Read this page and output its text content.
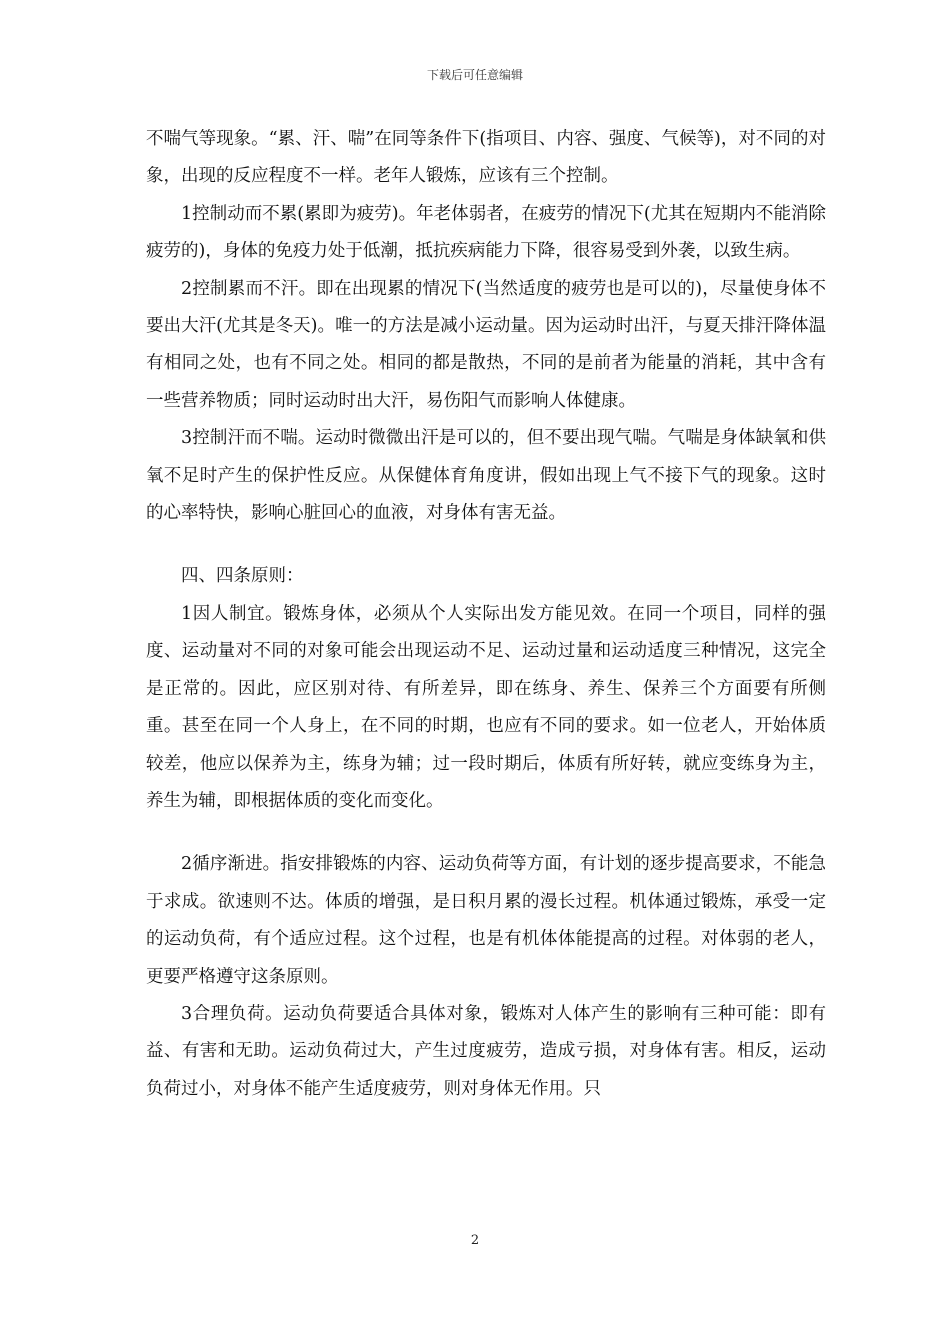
下载后可任意编辑

不喘气等现象。“累、汗、喘”在同等条件下(指项目、内容、强度、气候等)，对不同的对象，出现的反应程度不一样。老年人锻炼，应该有三个控制。

1控制动而不累(累即为疲劳)。年老体弱者，在疲劳的情况下(尤其在短期内不能消除疲劳的)，身体的免疫力处于低潮，抵抗疾病能力下降，很容易受到外袭，以致生病。

2控制累而不汗。即在出现累的情况下(当然适度的疲劳也是可以的)，尽量使身体不要出大汗(尤其是冬天)。唯一的方法是减小运动量。因为运动时出汗，与夏天排汗降体温有相同之处，也有不同之处。相同的都是散热，不同的是前者为能量的消耗，其中含有一些营养物质；同时运动时出大汗，易伤阳气而影响人体健康。

3控制汗而不喘。运动时微微出汗是可以的，但不要出现气喘。气喘是身体缺氧和供氧不足时产生的保护性反应。从保健体育角度讲，假如出现上气不接下气的现象。这时的心率特快，影响心脏回心的血液，对身体有害无益。

四、四条原则：

1因人制宜。锻炼身体，必须从个人实际出发方能见效。在同一个项目，同样的强度、运动量对不同的对象可能会出现运动不足、运动过量和运动适度三种情况，这完全是正常的。因此，应区别对待、有所差异，即在练身、养生、保养三个方面要有所侧重。甚至在同一个人身上，在不同的时期，也应有不同的要求。如一位老人，开始体质较差，他应以保养为主，练身为辅；过一段时期后，体质有所好转，就应变练身为主，养生为辅，即根据体质的变化而变化。

2循序渐进。指安排锻炼的内容、运动负荷等方面，有计划的逐步提高要求，不能急于求成。欲速则不达。体质的增强，是日积月累的漫长过程。机体通过锻炼，承受一定的运动负荷，有个适应过程。这个过程，也是有机体体能提高的过程。对体弱的老人，更要严格遵守这条原则。

3合理负荷。运动负荷要适合具体对象，锻炼对人体产生的影响有三种可能：即有益、有害和无助。运动负荷过大，产生过度疲劳，造成亏损，对身体有害。相反，运动负荷过小，对身体不能产生适度疲劳，则对身体无作用。只

2
